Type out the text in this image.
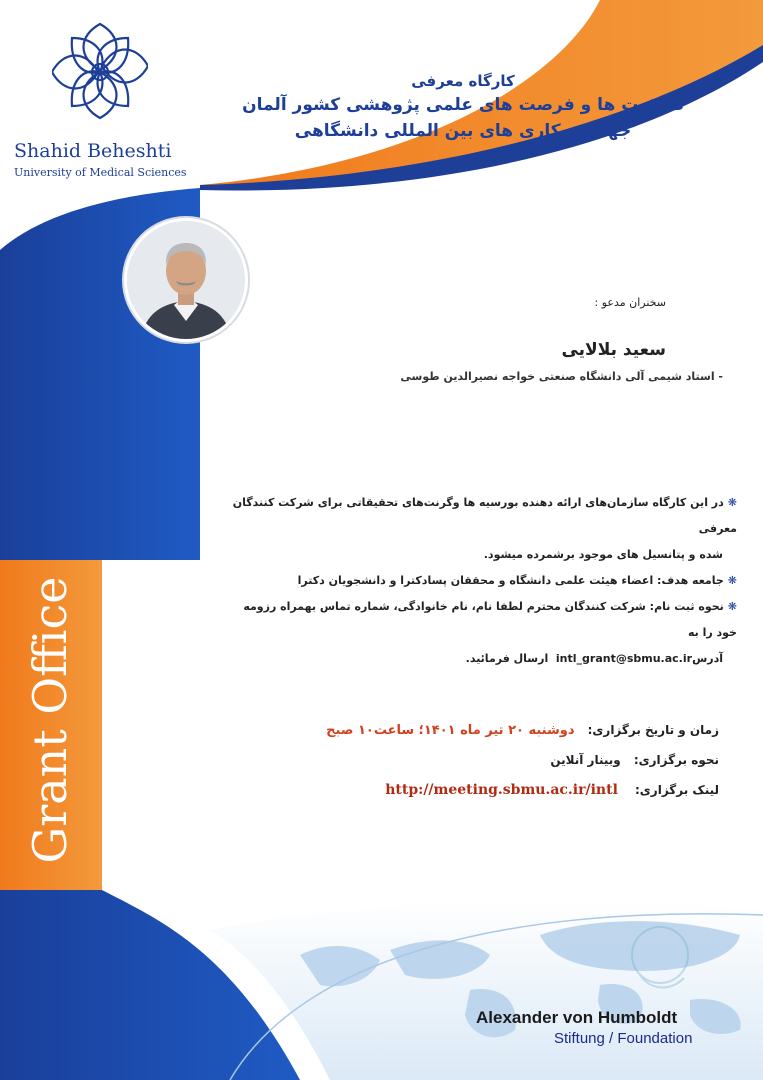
Shahid Beheshti
University of Medical Sciences
کارگاه معرفی
ظرفیت ها و فرصت های علمی پژوهشی کشور آلمان
جهت همکاری های بین المللی دانشگاهی
سخنران مدعو :
سعید بلالایی
- استاد شیمی آلی دانشگاه صنعتی خواجه نصیرالدین طوسی

❋در این کارگاه سازمان‌های ارائه دهنده بورسیه ها وگرنت‌های تحقیقاتی برای شرکت کنندگان معرفی

شده و پتانسیل های موجود برشمرده میشود.

❋جامعه هدف: اعضاء هیئت علمی دانشگاه و محققان پسادکترا و دانشجویان دکترا

❋نحوه ثبت نام: شرکت کنندگان محترم لطفا نام، نام خانوادگی، شماره تماس بهمراه رزومه خود را به

آدرسintl_grant@sbmu.ac.ir  ارسال فرمائید.

زمان و تاریخ برگزاری: دوشنبه ۲۰ تیر ماه ۱۴۰۱؛ ساعت۱۰ صبح
نحوه برگزاری: وبینار آنلاین
لینک برگزاری: http://meeting.sbmu.ac.ir/intl
Grant Office
Alexander von Humboldt
Stiftung / Foundation
